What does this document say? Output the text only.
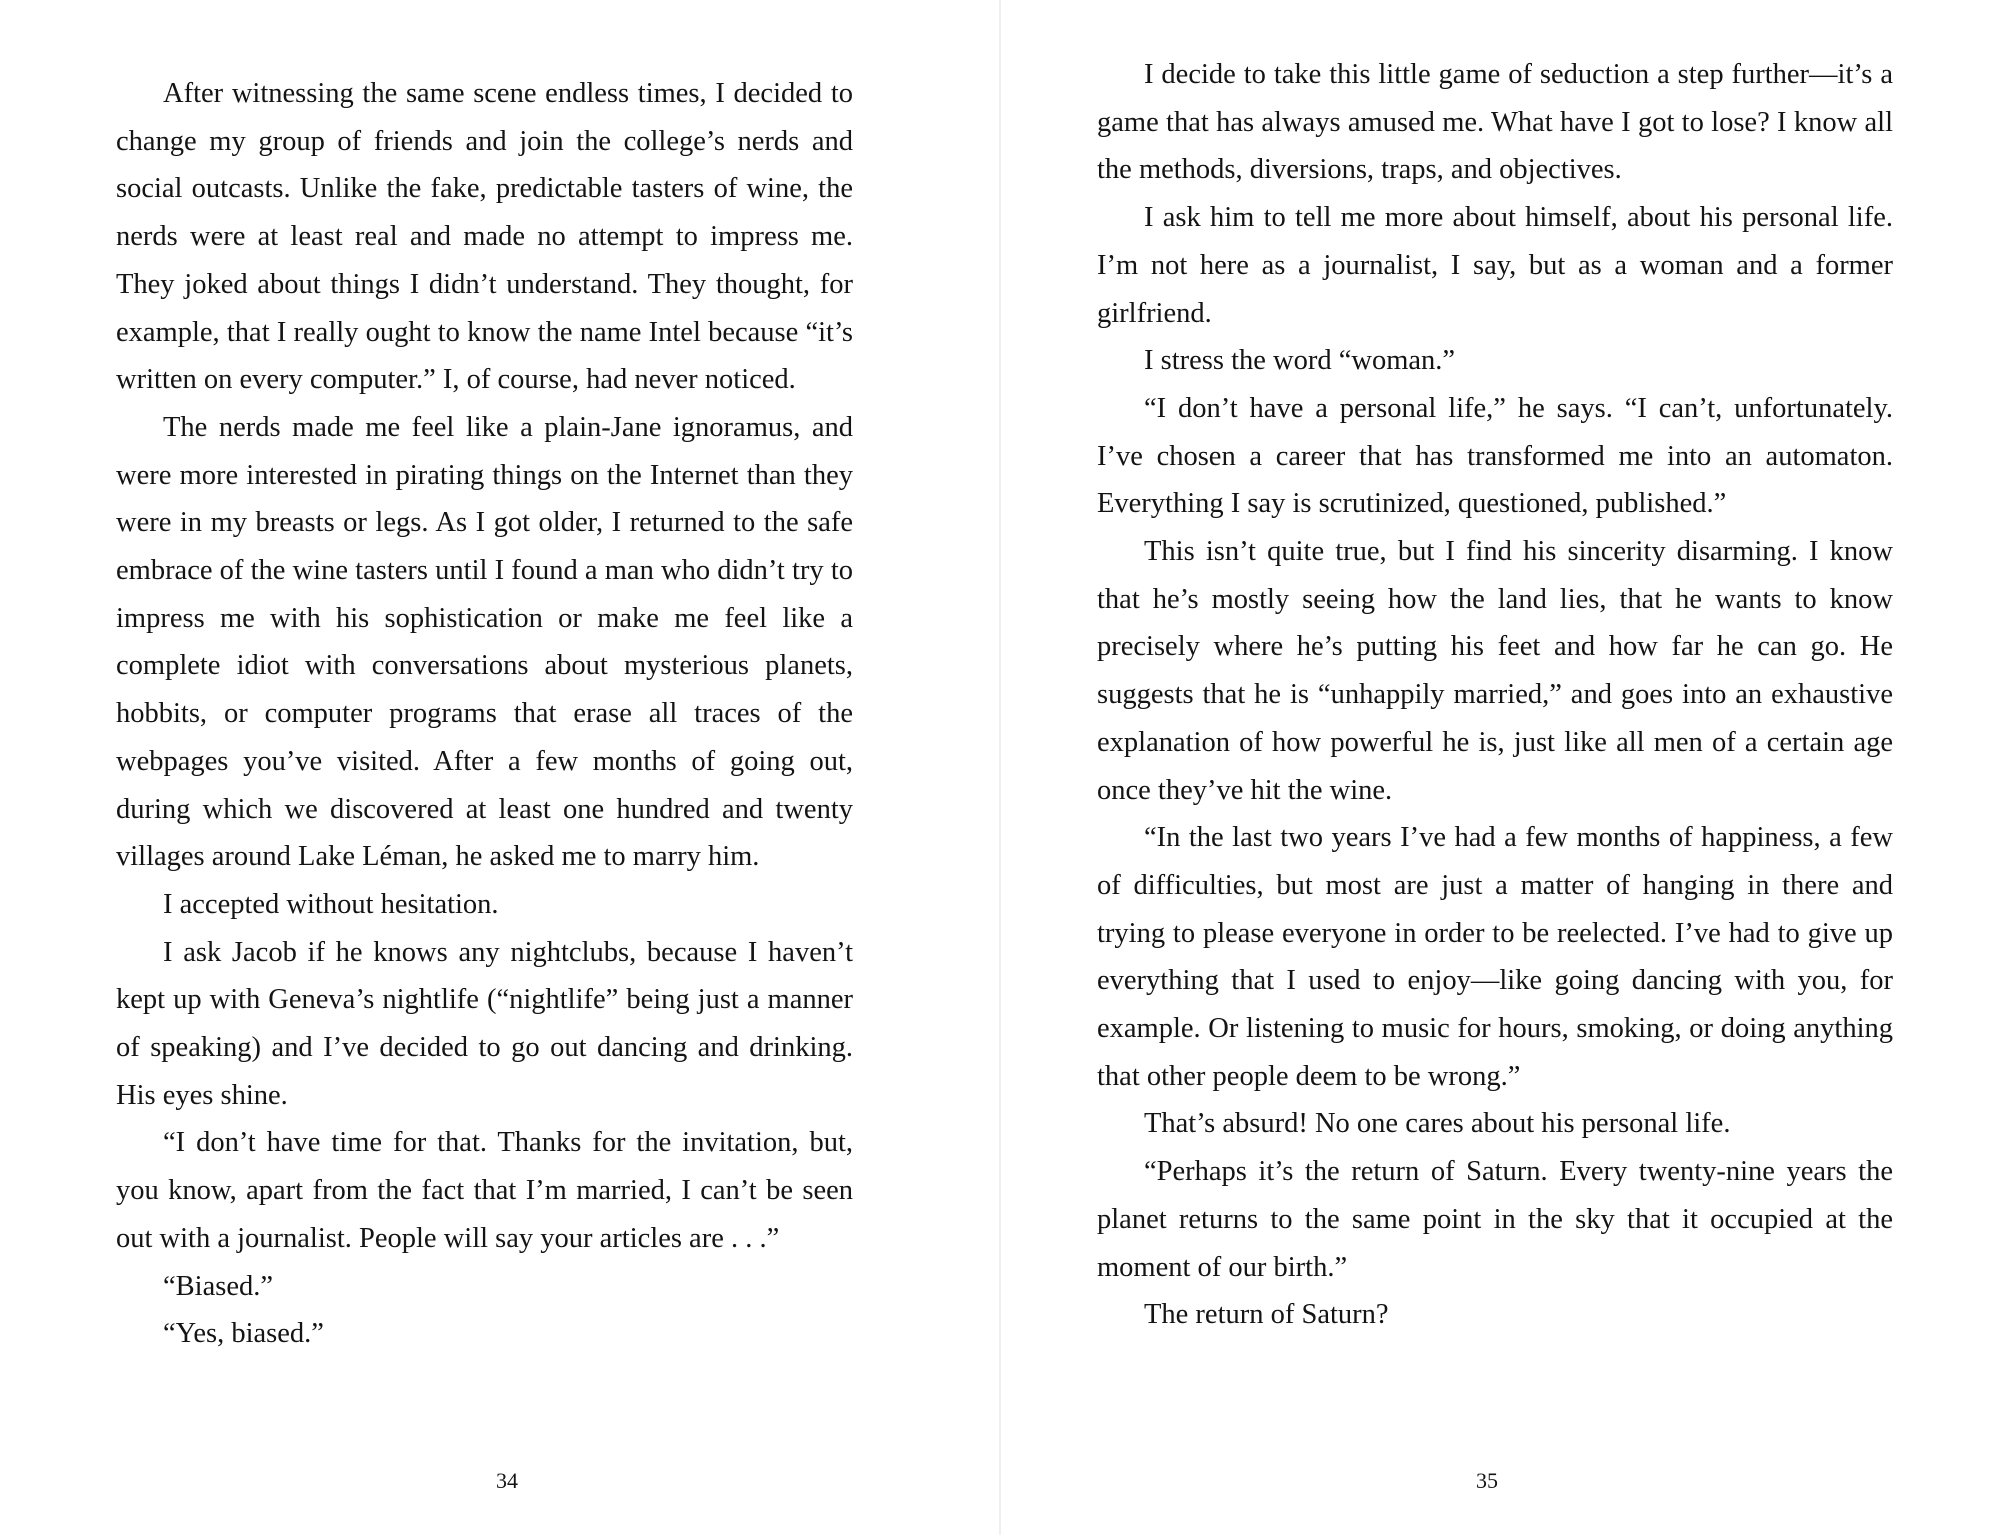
After witnessing the same scene endless times, I decided to change my group of friends and join the college’s nerds and social outcasts. Unlike the fake, predictable tasters of wine, the nerds were at least real and made no attempt to impress me. They joked about things I didn’t understand. They thought, for example, that I really ought to know the name Intel because “it’s written on every computer.” I, of course, had never noticed.

The nerds made me feel like a plain-Jane ignoramus, and were more interested in pirating things on the Internet than they were in my breasts or legs. As I got older, I returned to the safe embrace of the wine tasters until I found a man who didn’t try to impress me with his sophistication or make me feel like a complete idiot with conversations about mysterious planets, hobbits, or computer programs that erase all traces of the webpages you’ve visited. After a few months of going out, during which we discovered at least one hundred and twenty villages around Lake Léman, he asked me to marry him.

I accepted without hesitation.

I ask Jacob if he knows any nightclubs, because I haven’t kept up with Geneva’s nightlife (“nightlife” being just a manner of speaking) and I’ve decided to go out dancing and drinking. His eyes shine.

“I don’t have time for that. Thanks for the invitation, but, you know, apart from the fact that I’m married, I can’t be seen out with a journalist. People will say your articles are . . .”

“Biased.”

“Yes, biased.”

34

I decide to take this little game of seduction a step further—it’s a game that has always amused me. What have I got to lose? I know all the methods, diversions, traps, and objectives.

I ask him to tell me more about himself, about his personal life. I’m not here as a journalist, I say, but as a woman and a former girlfriend.

I stress the word “woman.”

“I don’t have a personal life,” he says. “I can’t, unfortunately. I’ve chosen a career that has transformed me into an automaton. Everything I say is scrutinized, questioned, published.”

This isn’t quite true, but I find his sincerity disarming. I know that he’s mostly seeing how the land lies, that he wants to know precisely where he’s putting his feet and how far he can go. He suggests that he is “unhappily married,” and goes into an exhaustive explanation of how powerful he is, just like all men of a certain age once they’ve hit the wine.

“In the last two years I’ve had a few months of happiness, a few of difficulties, but most are just a matter of hanging in there and trying to please everyone in order to be reelected. I’ve had to give up everything that I used to enjoy—like going dancing with you, for example. Or listening to music for hours, smoking, or doing anything that other people deem to be wrong.”

That’s absurd! No one cares about his personal life.

“Perhaps it’s the return of Saturn. Every twenty-nine years the planet returns to the same point in the sky that it occupied at the moment of our birth.”

The return of Saturn?

35
